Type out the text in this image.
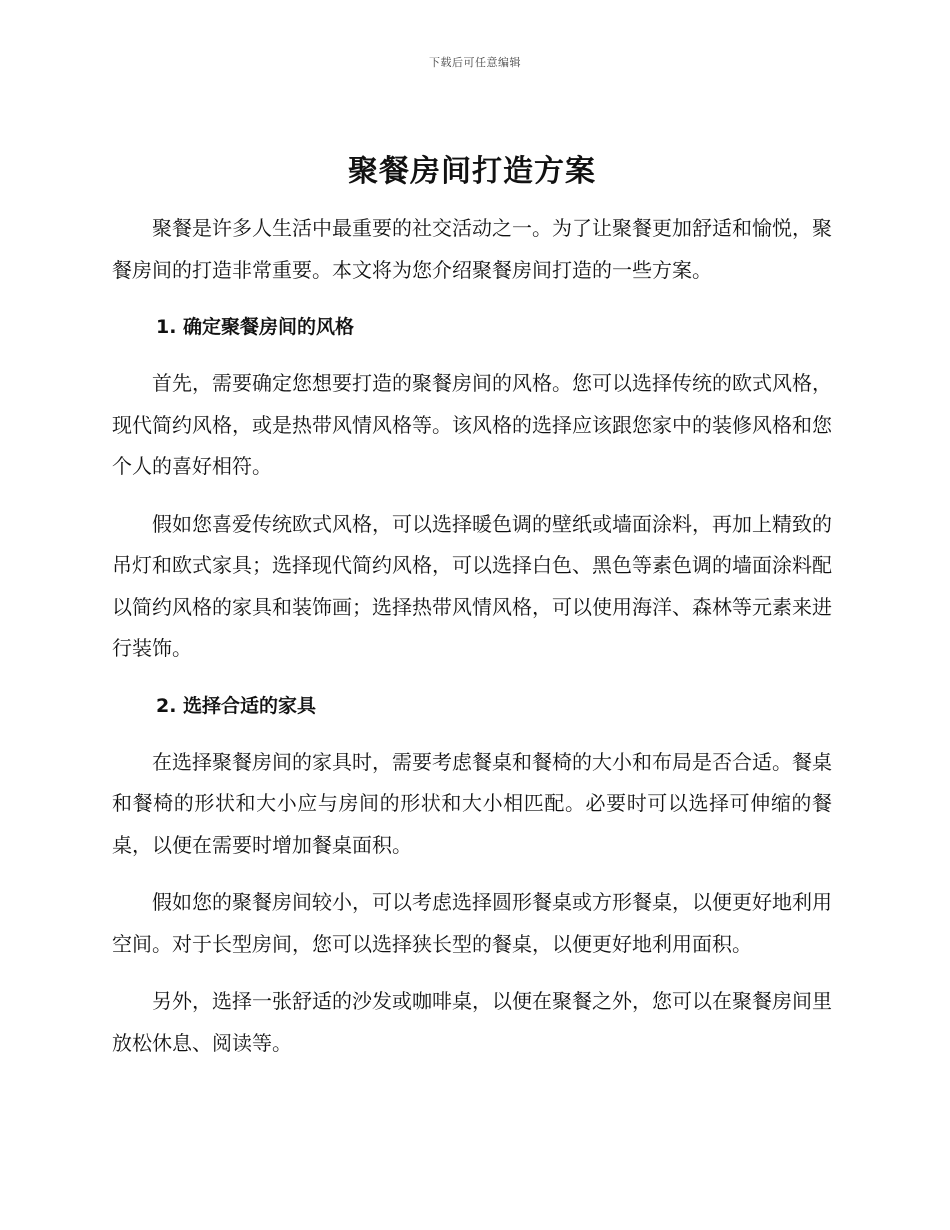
下载后可任意编辑
聚餐房间打造方案

聚餐是许多人生活中最重要的社交活动之一。为了让聚餐更加舒适和愉悦，聚餐房间的打造非常重要。本文将为您介绍聚餐房间打造的一些方案。

1. 确定聚餐房间的风格

首先，需要确定您想要打造的聚餐房间的风格。您可以选择传统的欧式风格，现代简约风格，或是热带风情风格等。该风格的选择应该跟您家中的装修风格和您个人的喜好相符。

假如您喜爱传统欧式风格，可以选择暖色调的壁纸或墙面涂料，再加上精致的吊灯和欧式家具；选择现代简约风格，可以选择白色、黑色等素色调的墙面涂料配以简约风格的家具和装饰画；选择热带风情风格，可以使用海洋、森林等元素来进行装饰。

2. 选择合适的家具

在选择聚餐房间的家具时，需要考虑餐桌和餐椅的大小和布局是否合适。餐桌和餐椅的形状和大小应与房间的形状和大小相匹配。必要时可以选择可伸缩的餐桌，以便在需要时增加餐桌面积。

假如您的聚餐房间较小，可以考虑选择圆形餐桌或方形餐桌，以便更好地利用空间。对于长型房间，您可以选择狭长型的餐桌，以便更好地利用面积。

另外，选择一张舒适的沙发或咖啡桌，以便在聚餐之外，您可以在聚餐房间里放松休息、阅读等。
